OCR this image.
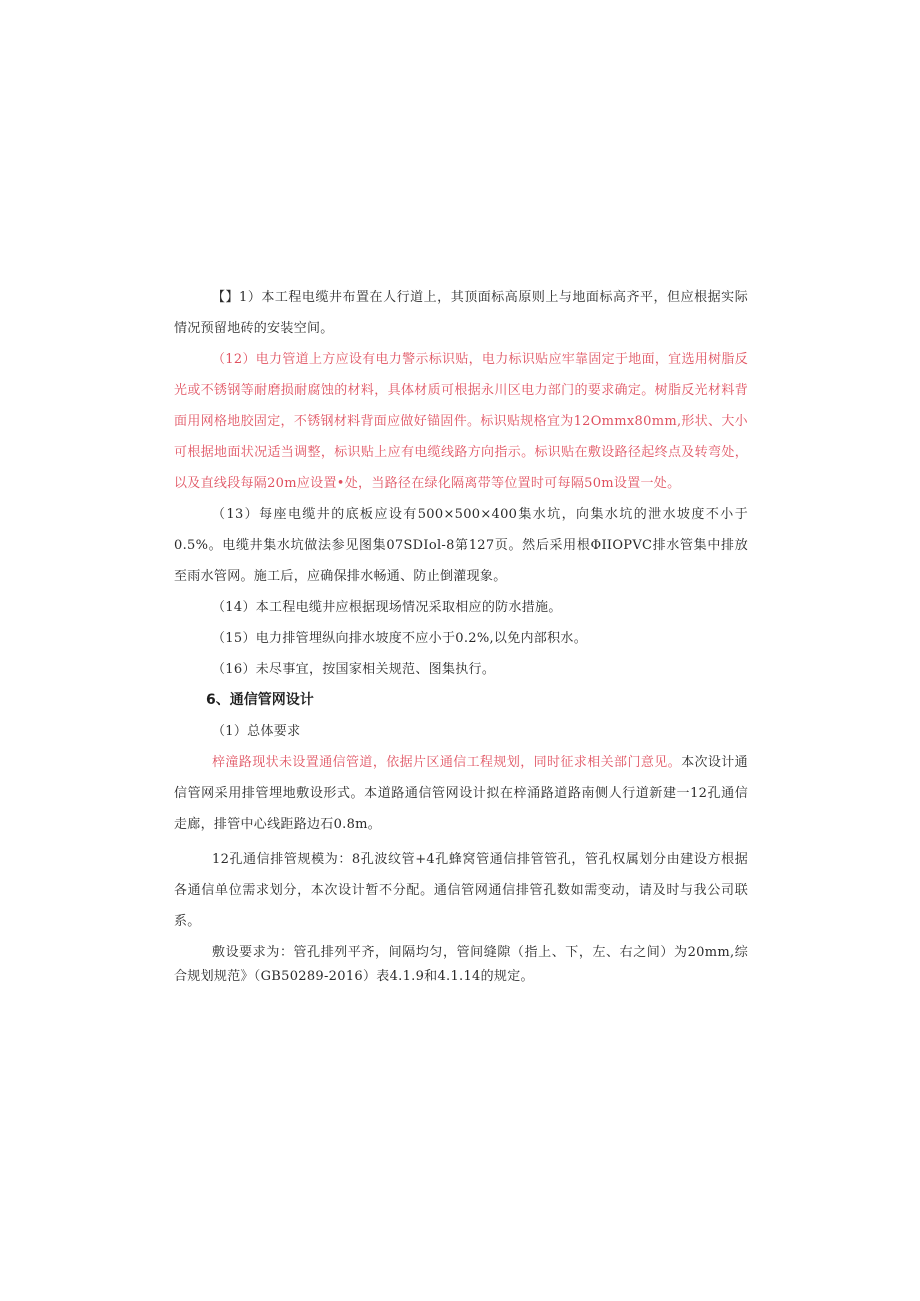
【】1）本工程电缆井布置在人行道上，其顶面标高原则上与地面标高齐平，但应根据实际情况预留地砖的安装空间。

（12）电力管道上方应设有电力警示标识贴，电力标识贴应牢靠固定于地面，宜选用树脂反光或不锈钢等耐磨损耐腐蚀的材料，具体材质可根据永川区电力部门的要求确定。树脂反光材料背面用网格地胶固定，不锈钢材料背面应做好锚固件。标识贴规格宜为12Ommx80mm,形状、大小可根据地面状况适当调整，标识贴上应有电缆线路方向指示。标识贴在敷设路径起终点及转弯处，以及直线段每隔20m应设置•处，当路径在绿化隔离带等位置时可每隔50m设置一处。

（13）每座电缆井的底板应设有500×500×400集水坑，向集水坑的泄水坡度不小于0.5%。电缆井集水坑做法参见图集07SDIol-8第127页。然后采用根ΦIIOPVC排水管集中排放至雨水管网。施工后，应确保排水畅通、防止倒灌现象。

（14）本工程电缆井应根据现场情况采取相应的防水措施。

（15）电力排管埋纵向排水坡度不应小于0.2%,以免内部积水。

（16）未尽事宜，按国家相关规范、图集执行。

6、通信管网设计

（1）总体要求

梓潼路现状未设置通信管道，依据片区通信工程规划，同时征求相关部门意见。本次设计通信管网采用排管埋地敷设形式。本道路通信管网设计拟在梓涌路道路南侧人行道新建一12孔通信走廊，排管中心线距路边石0.8m。

12孔通信排管规模为：8孔波纹管+4孔蜂窝管通信排管管孔，管孔权属划分由建设方根据各通信单位需求划分，本次设计暂不分配。通信管网通信排管孔数如需变动，请及时与我公司联系。

敷设要求为：管孔排列平齐，间隔均匀，管间缝隙（指上、下，左、右之间）为20mm,综合规划规范》（GB50289-2016）表4.1.9和4.1.14的规定。
